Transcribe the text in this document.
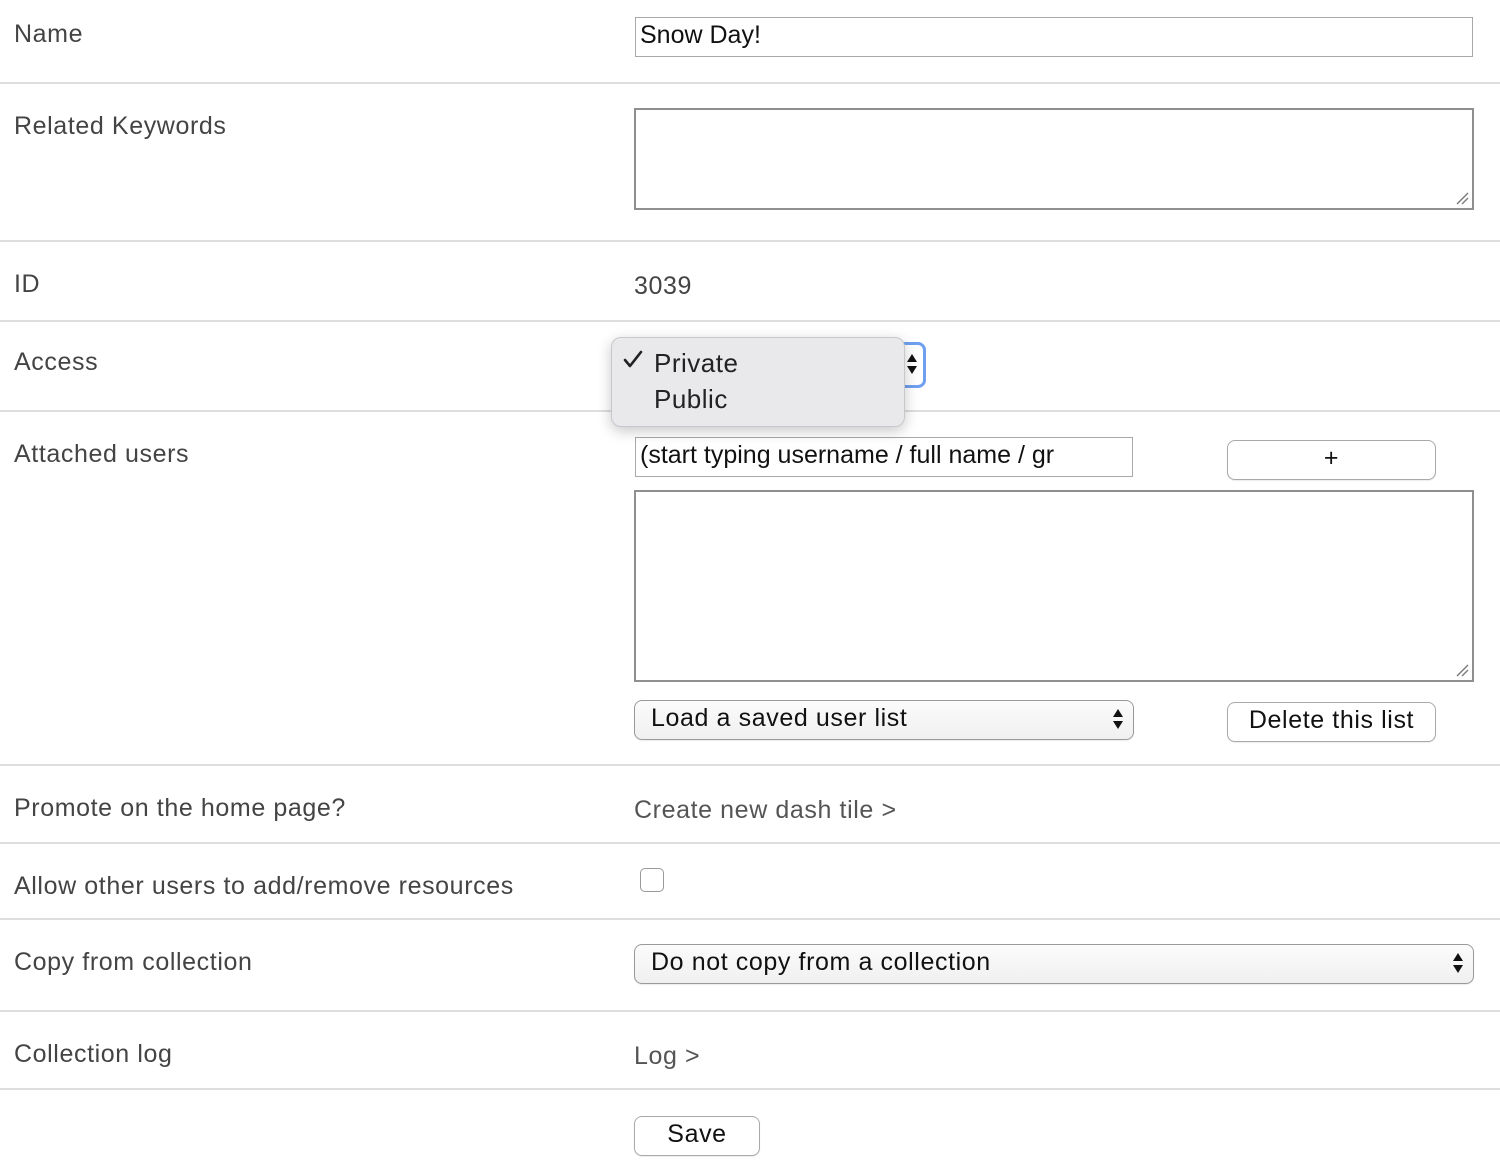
Name	Snow Day!
Related Keywords
ID	3039
Access	Private
Public
Attached users	(start typing username / full name / gr	+
Load a saved user list	Delete this list
Promote on the home page?	Create new dash tile >
Allow other users to add/remove resources
Copy from collection	Do not copy from a collection
Collection log	Log >
Save
